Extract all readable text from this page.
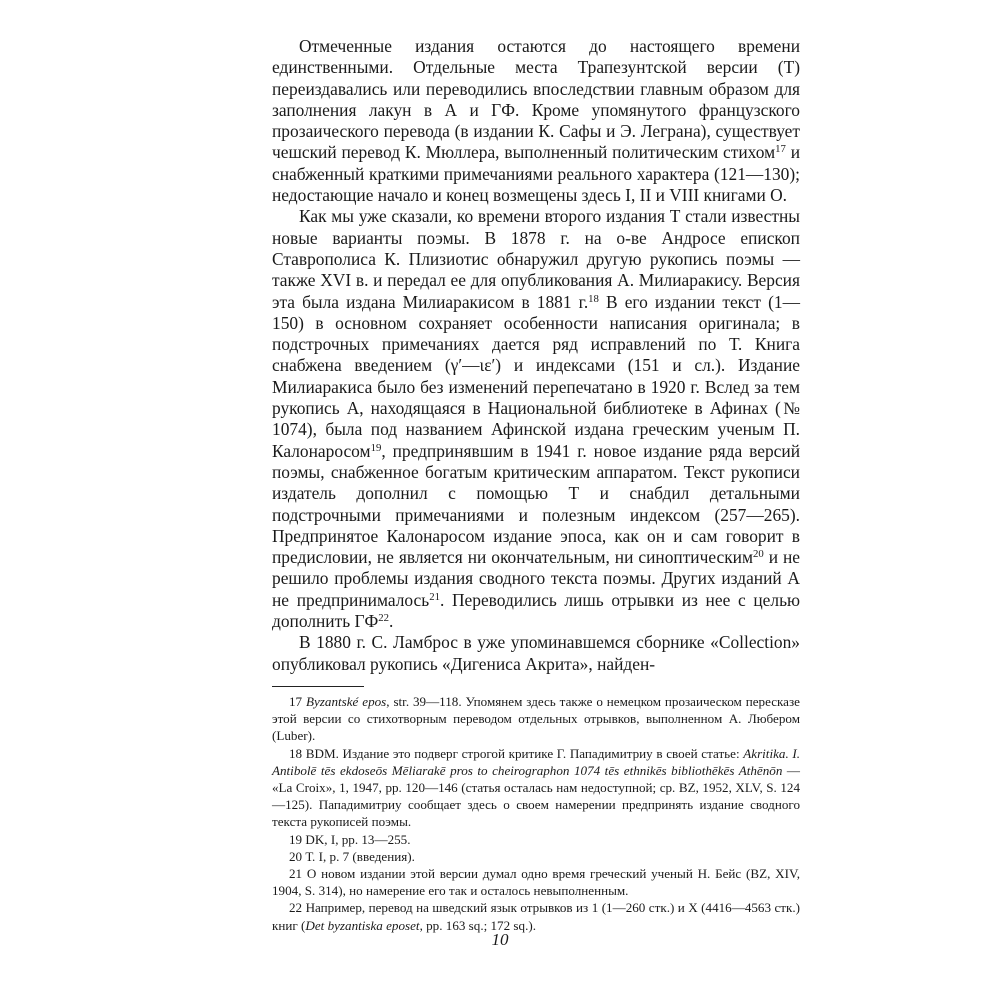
Отмеченные издания остаются до настоящего времени единственными. Отдельные места Трапезунтской версии (Т) переиздавались или переводились впоследствии главным образом для заполнения лакун в А и ГФ. Кроме упомянутого французского прозаического перевода (в издании К. Сафы и Э. Леграна), существует чешский перевод К. Мюллера, выполненный политическим стихом$^{17}$ и снабженный краткими примечаниями реального характера (121—130); недостающие начало и конец возмещены здесь I, II и VIII книгами О.

Как мы уже сказали, ко времени второго издания Т стали известны новые варианты поэмы. В 1878 г. на о-ве Андросе епископ Ставрополиса К. Плизиотис обнаружил другую рукопись поэмы — также XVI в. и передал ее для опубликования А. Милиаракису. Версия эта была издана Милиаракисом в 1881 г.$^{18}$ В его издании текст (1—150) в основном сохраняет особенности написания оригинала; в подстрочных примечаниях дается ряд исправлений по Т. Книга снабжена введением (γ′—ιε′) и индексами (151 и сл.). Издание Милиаракиса было без изменений перепечатано в 1920 г. Вслед за тем рукопись А, находящаяся в Национальной библиотеке в Афинах (№ 1074), была под названием Афинской издана греческим ученым П. Калонаросом$^{19}$, предпринявшим в 1941 г. новое издание ряда версий поэмы, снабженное богатым критическим аппаратом. Текст рукописи издатель дополнил с помощью Т и снабдил детальными подстрочными примечаниями и полезным индексом (257—265). Предпринятое Калонаросом издание эпоса, как он и сам говорит в предисловии, не является ни окончательным, ни синоптическим$^{20}$ и не решило проблемы издания сводного текста поэмы. Других изданий А не предпринималось$^{21}$. Переводились лишь отрывки из нее с целью дополнить ГФ$^{22}$.

В 1880 г. С. Ламброс в уже упоминавшемся сборнике «Collection» опубликовал рукопись «Дигениса Акрита», найден-

17 Byzantské epos, str. 39—118. Упомянем здесь также о немецком прозаическом пересказе этой версии со стихотворным переводом отдельных отрывков, выполненном А. Любером (Luber).

18 BDM. Издание это подверг строгой критике Г. Пападимитриу в своей статье: Akritika. I. Antibolē tēs ekdoseōs Mēliarakē pros to cheirographon 1074 tēs ethnikēs bibliothēkēs Athēnōn — «La Croix», 1, 1947, pp. 120—146 (статья осталась нам недоступной; ср. BZ, 1952, XLV, S. 124—125). Пападимитриу сообщает здесь о своем намерении предпринять издание сводного текста рукописей поэмы.

19 DK, I, pp. 13—255.

20 Т. I, p. 7 (введения).

21 О новом издании этой версии думал одно время греческий ученый Н. Бейс (BZ, XIV, 1904, S. 314), но намерение его так и осталось невыполненным.

22 Например, перевод на шведский язык отрывков из 1 (1—260 стк.) и X (4416—4563 стк.) книг (Det byzantiska eposet, pp. 163 sq.; 172 sq.).

10
